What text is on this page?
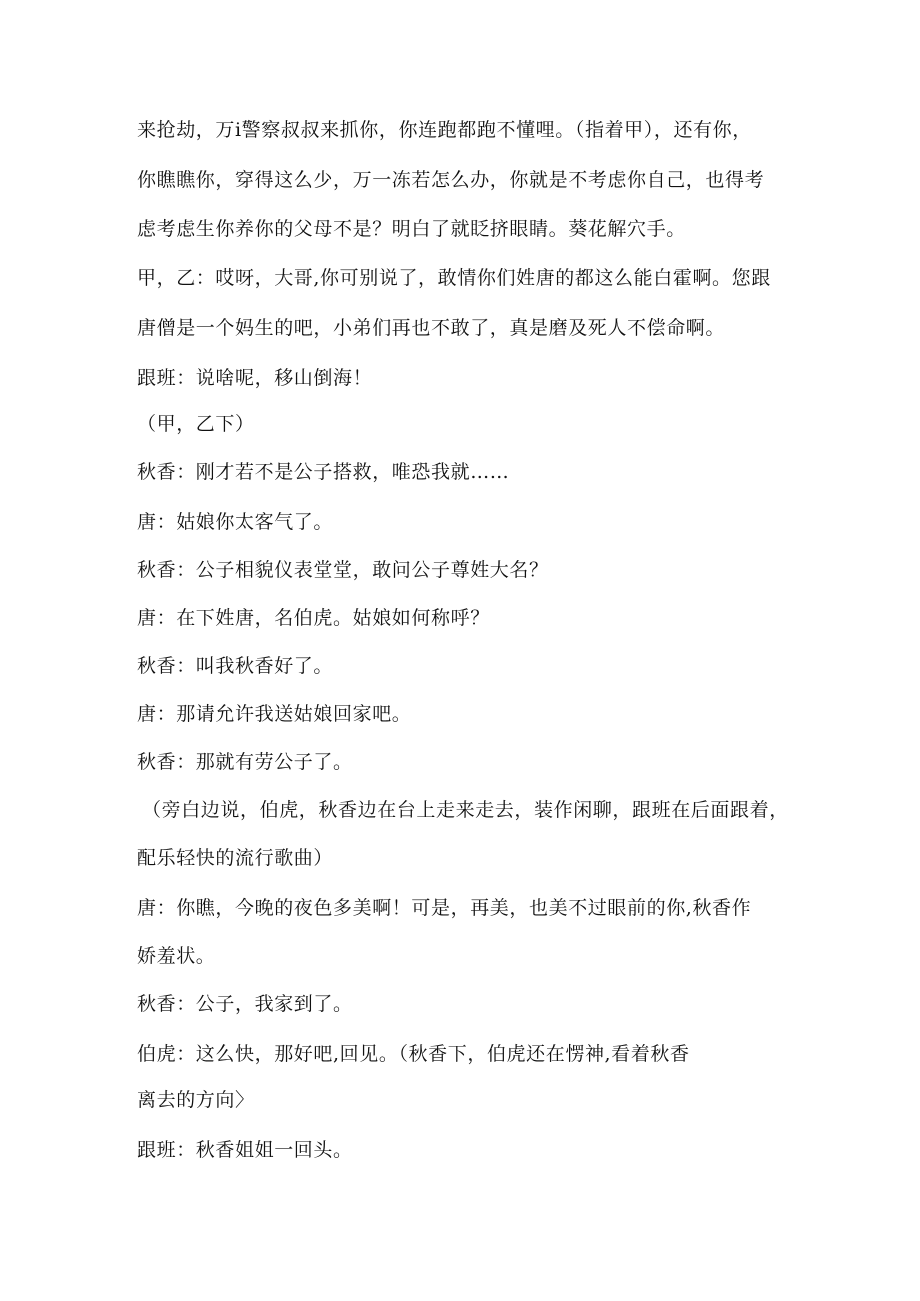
来抢劫，万i警察叔叔来抓你，你连跑都跑不懂哩。（指着甲），还有你，

你瞧瞧你，穿得这么少，万一冻若怎么办，你就是不考虑你自己，也得考

虑考虑生你养你的父母不是？明白了就眨挤眼睛。葵花解穴手。

甲，乙：哎呀，大哥,你可别说了，敢情你们姓唐的都这么能白霍啊。您跟

唐僧是一个妈生的吧，小弟们再也不敢了，真是磨及死人不偿命啊。

跟班：说啥呢，移山倒海！

（甲，乙下）

秋香：刚才若不是公子搭救，唯恐我就……

唐：姑娘你太客气了。

秋香：公子相貌仪表堂堂，敢问公子尊姓大名？

唐：在下姓唐，名伯虎。姑娘如何称呼？

秋香：叫我秋香好了。

唐：那请允许我送姑娘回家吧。

秋香：那就有劳公子了。

（旁白边说，伯虎，秋香边在台上走来走去，装作闲聊，跟班在后面跟着，

配乐轻快的流行歌曲）

唐：你瞧，今晚的夜色多美啊！可是，再美，也美不过眼前的你,秋香作

娇羞状。

秋香：公子，我家到了。

伯虎：这么快，那好吧,回见。（秋香下，伯虎还在愣神,看着秋香

离去的方向〉

跟班：秋香姐姐一回头。
